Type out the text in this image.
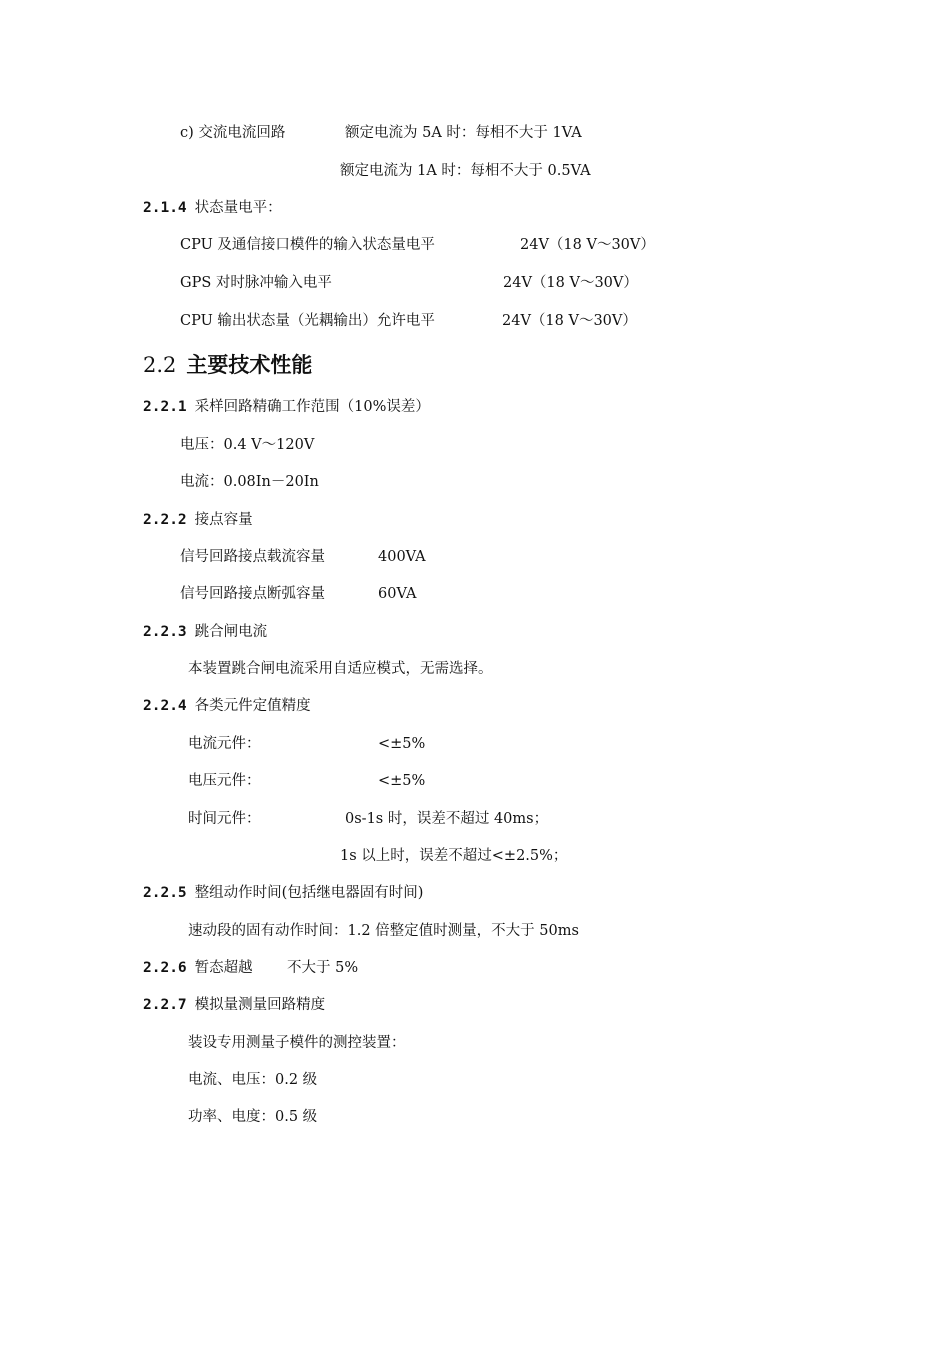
c) 交流电流回路	额定电流为 5A 时：每相不大于 1VA
额定电流为 1A 时：每相不大于 0.5VA
2.1.4 状态量电平：
CPU 及通信接口模件的输入状态量电平	24V（18 V～30V）
GPS 对时脉冲输入电平	24V（18 V～30V）
CPU 输出状态量（光耦输出）允许电平	24V（18 V～30V）
2.2 主要技术性能
2.2.1 采样回路精确工作范围（10%误差）
电压：0.4 V～120V
电流：0.08In－20In
2.2.2 接点容量
信号回路接点载流容量	400VA
信号回路接点断弧容量	60VA
2.2.3 跳合闸电流
本装置跳合闸电流采用自适应模式，无需选择。
2.2.4 各类元件定值精度
电流元件：	<±5%
电压元件：	<±5%
时间元件：	0s-1s 时，误差不超过 40ms；
1s 以上时，误差不超过<±2.5%；
2.2.5 整组动作时间(包括继电器固有时间)
速动段的固有动作时间：1.2 倍整定值时测量，不大于 50ms
2.2.6 暂态超越 不大于 5%
2.2.7 模拟量测量回路精度
装设专用测量子模件的测控装置：
电流、电压：0.2 级
功率、电度：0.5 级
